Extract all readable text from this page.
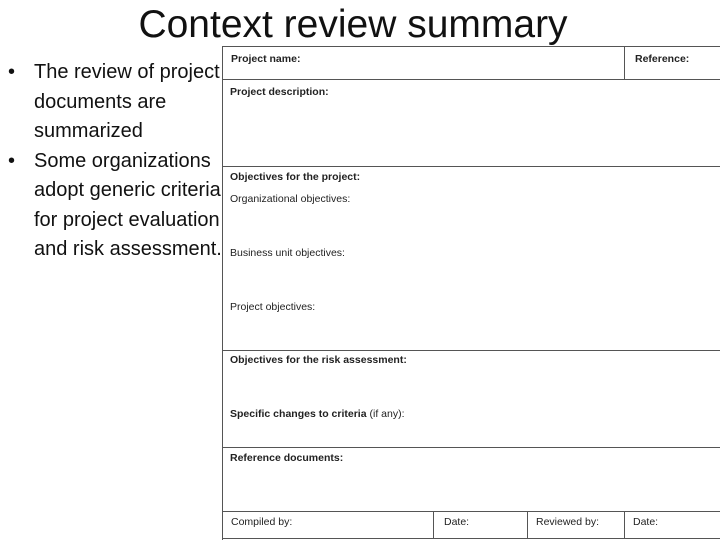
Context review summary
• The review of project documents are summarized
• Some organizations adopt generic criteria for project evaluation and risk assessment.
Project name:	Reference:
Project description:
Objectives for the project:
Organizational objectives:
Business unit objectives:
Project objectives:
Objectives for the risk assessment:
Specific changes to criteria (if any):
Reference documents:
Compiled by:	Date:	Reviewed by:	Date:
